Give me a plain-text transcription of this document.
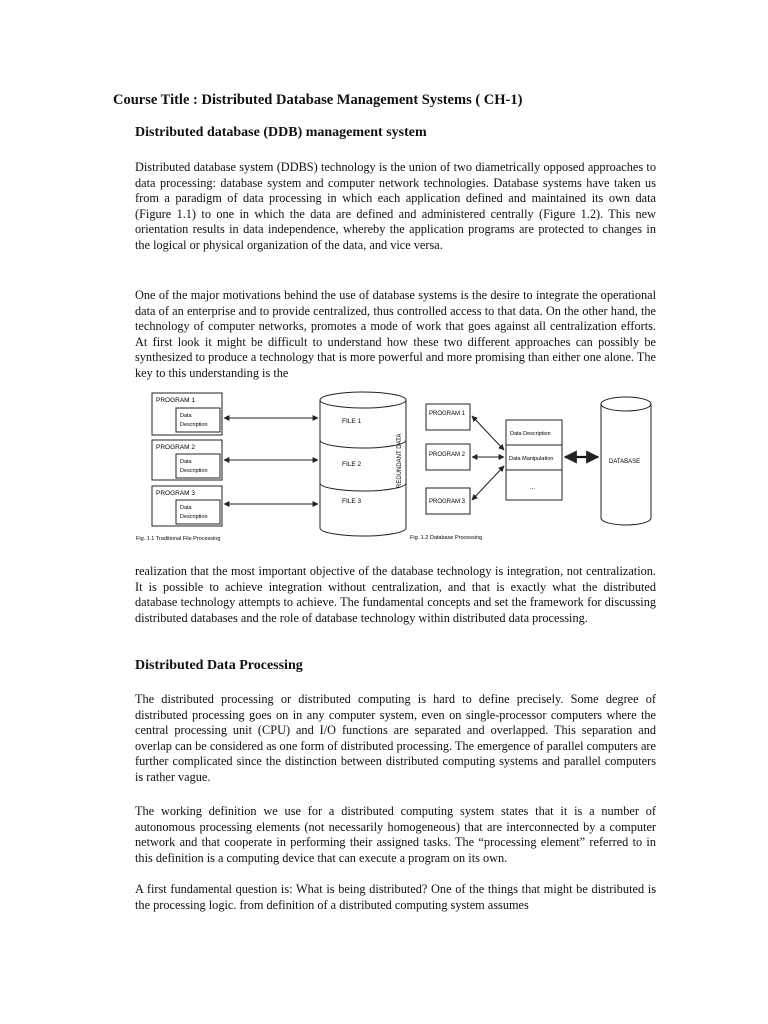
Course Title : Distributed Database Management Systems ( CH-1)
Distributed database (DDB) management system

Distributed database system (DDBS) technology is the union of two diametrically opposed approaches to data processing: database system and computer network technologies. Database systems have taken us from a paradigm of data processing in which each application defined and maintained its own data (Figure 1.1) to one in which the data are defined and administered centrally (Figure 1.2). This new orientation results in data independence, whereby the application programs are protected to changes in the logical or physical organization of the data, and vice versa.

One of the major motivations behind the use of database systems is the desire to integrate the operational data of an enterprise and to provide centralized, thus controlled access to that data. On the other hand, the technology of computer networks, promotes a mode of work that goes against all centralization efforts. At first look it might be difficult to understand how these two different approaches can possibly be synthesized to produce a technology that is more powerful and more promising than either one alone. The key to this understanding is the

PROGRAM 1
Data
Description
PROGRAM 2
Data
Description
PROGRAM 3
Data
Description
FILE 1
FILE 2
FILE 3
REDUNDANT DATA
Fig. 1.1 Traditional File Processing
PROGRAM 1
PROGRAM 2
PROGRAM 3
Data Description
Data Manipulation
...
DATABASE
Fig. 1.2 Database Processing

realization that the most important objective of the database technology is integration, not centralization. It is possible to achieve integration without centralization, and that is exactly what the distributed database technology attempts to achieve. The fundamental concepts and set the framework for discussing distributed databases and the role of database technology within distributed data processing.

Distributed Data Processing

The distributed processing or distributed computing is hard to define precisely. Some degree of distributed processing goes on in any computer system, even on single-processor computers where the central processing unit (CPU) and I/O functions are separated and overlapped. This separation and overlap can be considered as one form of distributed processing. The emergence of parallel computers are further complicated since the distinction between distributed computing systems and parallel computers is rather vague.

The working definition we use for a distributed computing system states that it is a number of autonomous processing elements (not necessarily homogeneous) that are interconnected by a computer network and that cooperate in performing their assigned tasks. The “processing element” referred to in this definition is a computing device that can execute a program on its own.

A first fundamental question is: What is being distributed? One of the things that might be distributed is the processing logic. from definition of a distributed computing system assumes
